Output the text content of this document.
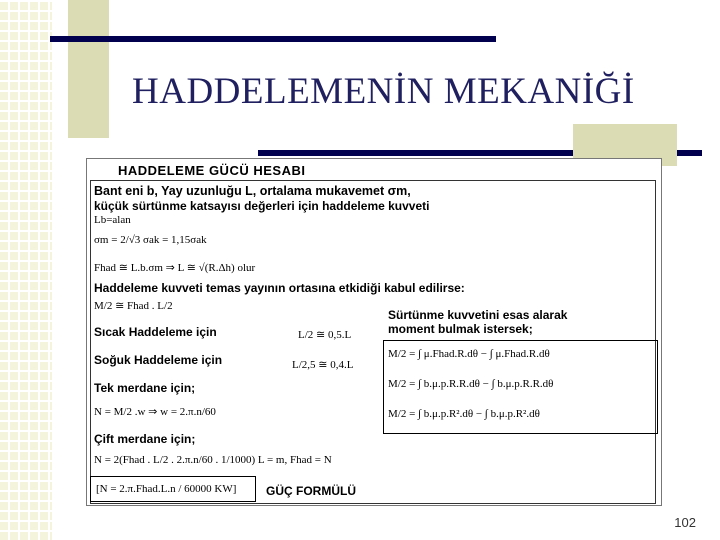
HADDELEMENİN MEKANİĞİ
HADDELEME GÜCÜ HESABI
Bant eni b, Yay uzunluğu L, ortalama mukavemet σm,
küçük sürtünme katsayısı değerleri için haddeleme kuvveti
Lb=alan
σm = 2/√3 σak = 1,15σak
Fhad ≅ L.b.σm ⇒ L ≅ √(R.Δh) olur
Haddeleme kuvveti temas yayının ortasına etkidiği kabul edilirse:
M/2 ≅ Fhad . L/2
Sıcak Haddeleme için	L/2 ≅ 0,5.L
Soğuk Haddeleme için	L/2,5 ≅ 0,4.L
Sürtünme kuvvetini esas alarak
moment bulmak istersek;
M/2 = ∫ μ.Fhad.R.dθ − ∫ μ.Fhad.R.dθ
M/2 = ∫ b.μ.p.R.R.dθ − ∫ b.μ.p.R.R.dθ
M/2 = ∫ b.μ.p.R².dθ − ∫ b.μ.p.R².dθ
Tek merdane için;
N = M/2 .w ⇒ w = 2.π.n/60
Çift merdane için;
N = 2(Fhad . L/2 . 2.π.n/60 . 1/1000) L = m, Fhad = N
[N = 2.π.Fhad.L.n / 60000 KW] GÜÇ FORMÜLÜ
102
